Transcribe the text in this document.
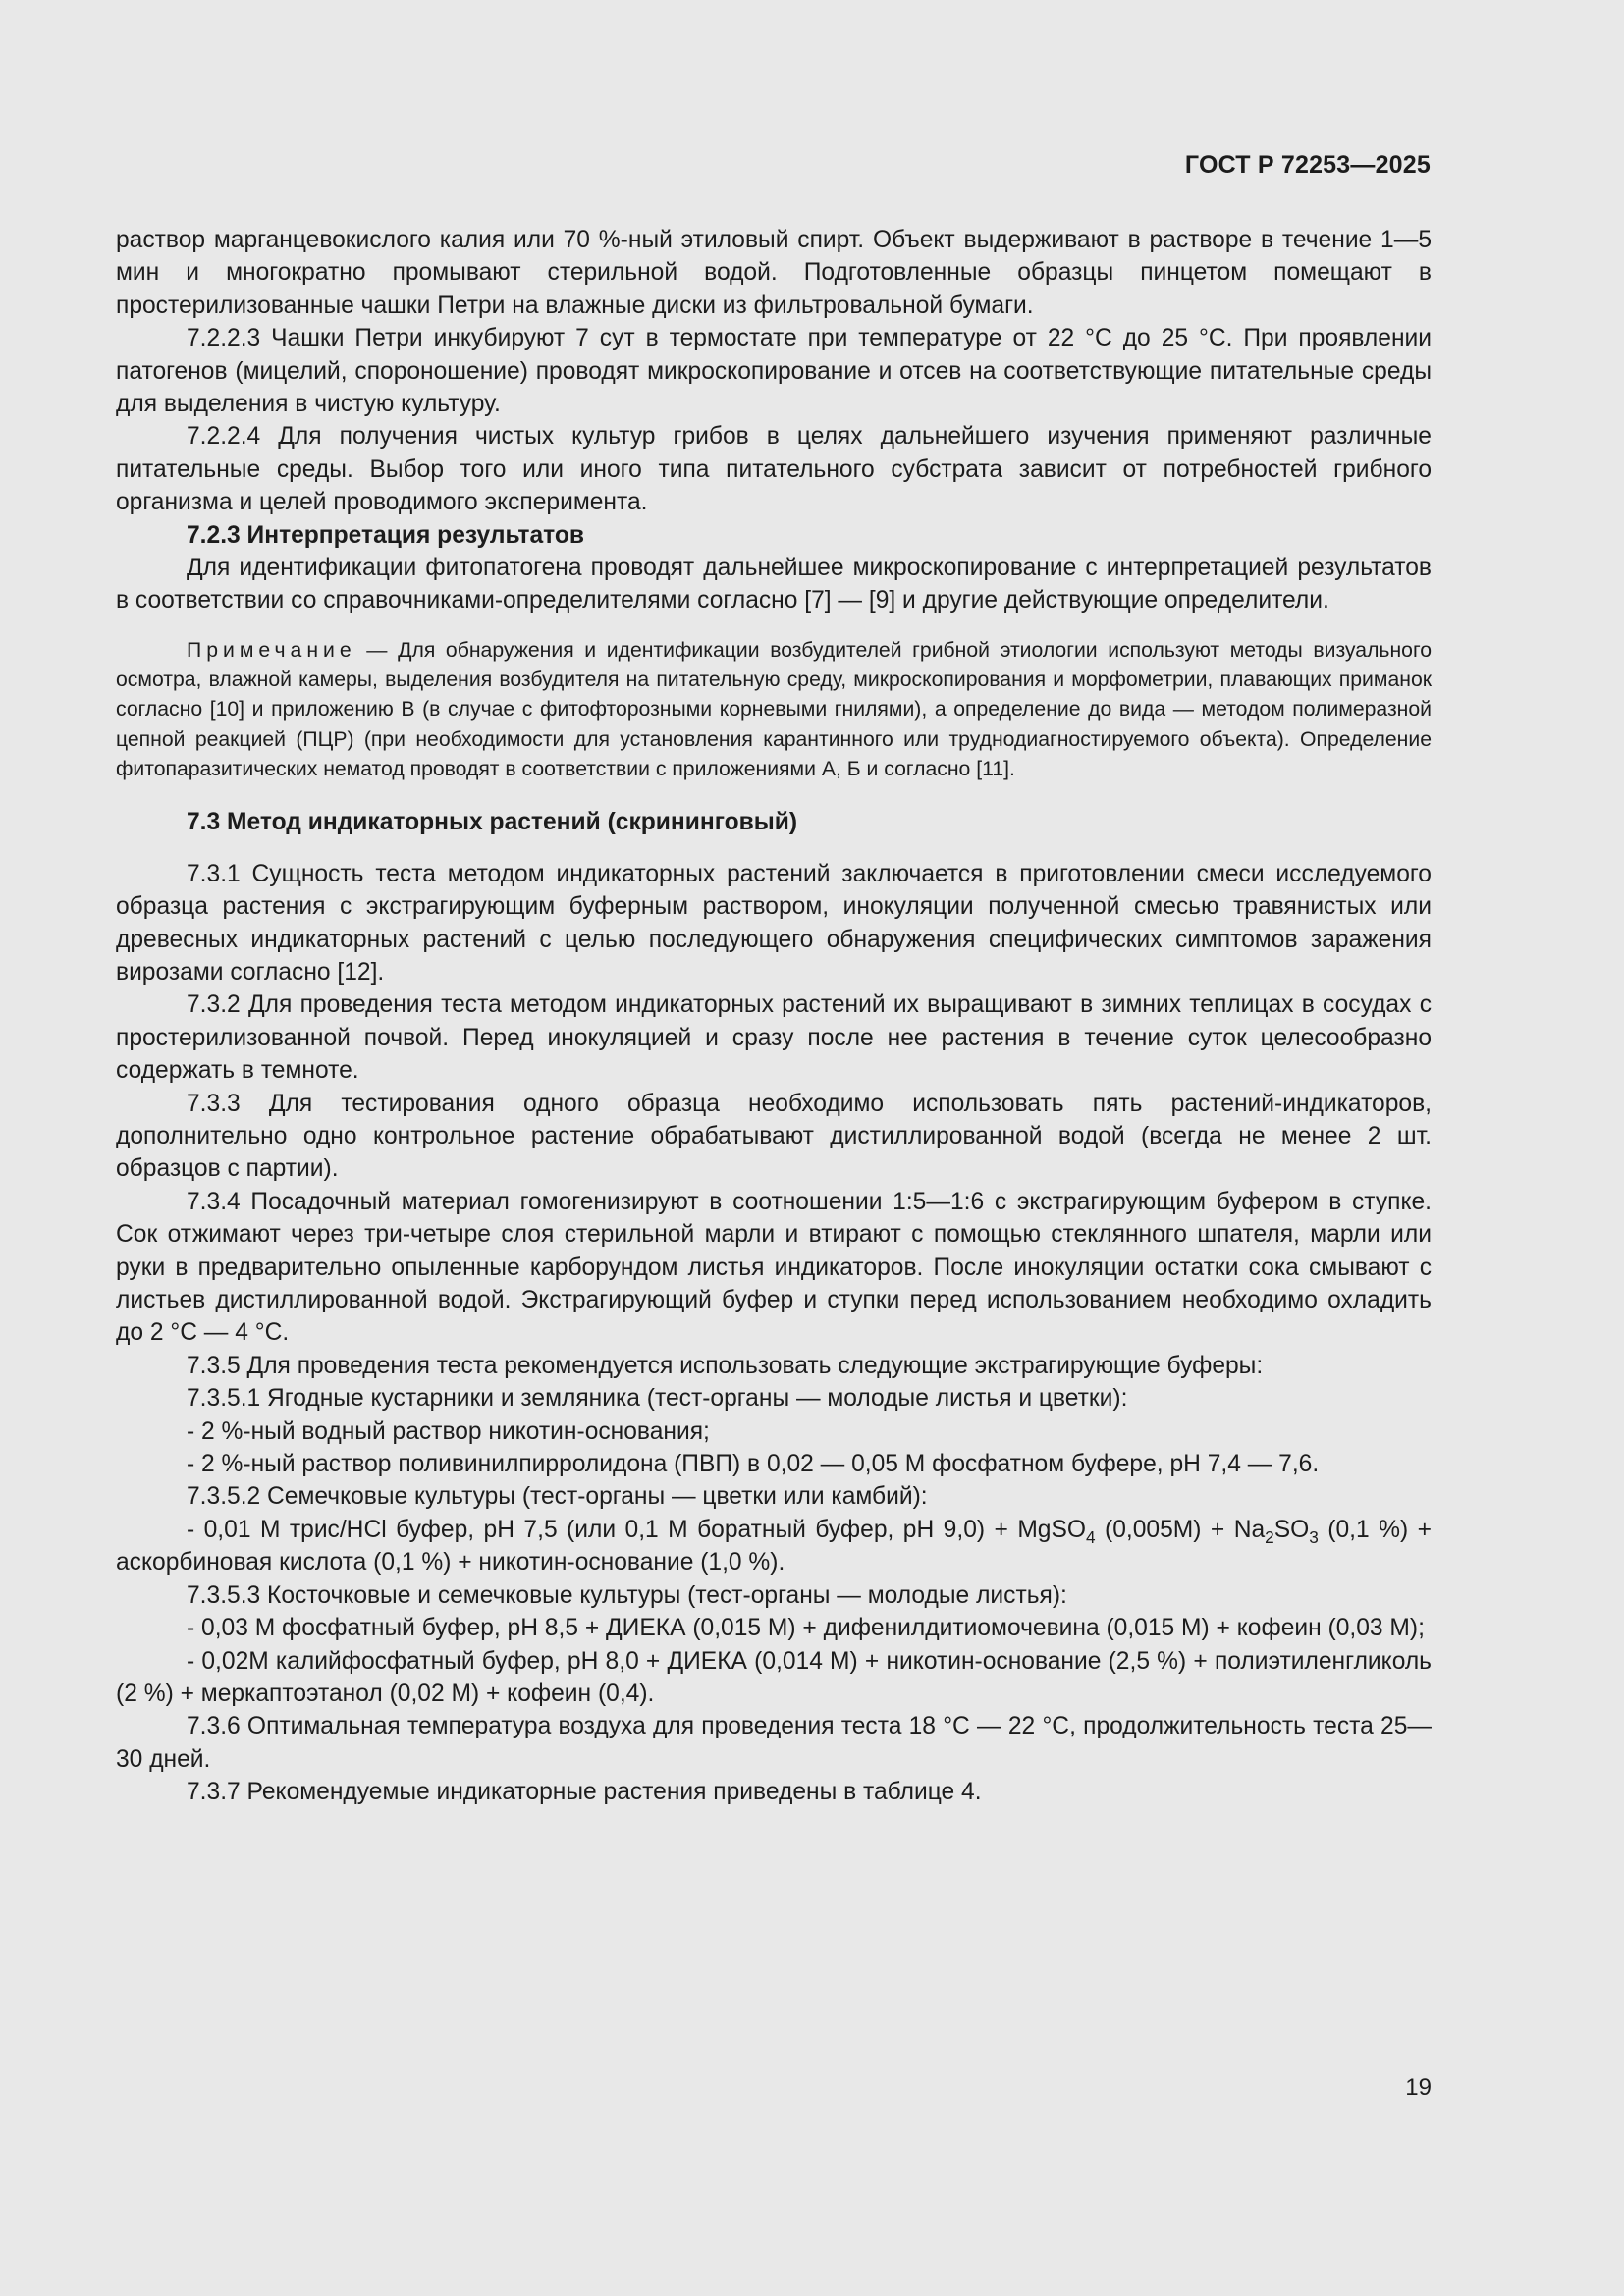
ГОСТ Р 72253—2025

раствор марганцевокислого калия или 70 %-ный этиловый спирт. Объект выдерживают в растворе в течение 1—5 мин и многократно промывают стерильной водой. Подготовленные образцы пинцетом помещают в простерилизованные чашки Петри на влажные диски из фильтровальной бумаги.

7.2.2.3 Чашки Петри инкубируют 7 сут в термостате при температуре от 22 °С до 25 °С. При проявлении патогенов (мицелий, спороношение) проводят микроскопирование и отсев на соответствующие питательные среды для выделения в чистую культуру.

7.2.2.4 Для получения чистых культур грибов в целях дальнейшего изучения применяют различные питательные среды. Выбор того или иного типа питательного субстрата зависит от потребностей грибного организма и целей проводимого эксперимента.

7.2.3 Интерпретация результатов

Для идентификации фитопатогена проводят дальнейшее микроскопирование с интерпретацией результатов в соответствии со справочниками-определителями согласно [7] — [9] и другие действующие определители.

Примечание — Для обнаружения и идентификации возбудителей грибной этиологии используют методы визуального осмотра, влажной камеры, выделения возбудителя на питательную среду, микроскопирования и морфометрии, плавающих приманок согласно [10] и приложению В (в случае с фитофторозными корневыми гнилями), а определение до вида — методом полимеразной цепной реакцией (ПЦР) (при необходимости для установления карантинного или труднодиагностируемого объекта). Определение фитопаразитических нематод проводят в соответствии с приложениями А, Б и согласно [11].

7.3 Метод индикаторных растений (скрининговый)

7.3.1 Сущность теста методом индикаторных растений заключается в приготовлении смеси исследуемого образца растения с экстрагирующим буферным раствором, инокуляции полученной смесью травянистых или древесных индикаторных растений с целью последующего обнаружения специфических симптомов заражения вирозами согласно [12].

7.3.2 Для проведения теста методом индикаторных растений их выращивают в зимних теплицах в сосудах с простерилизованной почвой. Перед инокуляцией и сразу после нее растения в течение суток целесообразно содержать в темноте.

7.3.3 Для тестирования одного образца необходимо использовать пять растений-индикаторов, дополнительно одно контрольное растение обрабатывают дистиллированной водой (всегда не менее 2 шт. образцов с партии).

7.3.4 Посадочный материал гомогенизируют в соотношении 1:5—1:6 с экстрагирующим буфером в ступке. Сок отжимают через три-четыре слоя стерильной марли и втирают с помощью стеклянного шпателя, марли или руки в предварительно опыленные карборундом листья индикаторов. После инокуляции остатки сока смывают с листьев дистиллированной водой. Экстрагирующий буфер и ступки перед использованием необходимо охладить до 2 °С — 4 °С.

7.3.5 Для проведения теста рекомендуется использовать следующие экстрагирующие буферы:

7.3.5.1 Ягодные кустарники и земляника (тест-органы — молодые листья и цветки):

- 2 %-ный водный раствор никотин-основания;

- 2 %-ный раствор поливинилпирролидона (ПВП) в 0,02 — 0,05 М фосфатном буфере, рН 7,4 — 7,6.

7.3.5.2 Семечковые культуры (тест-органы — цветки или камбий):

- 0,01 М трис/HCl буфер, рН 7,5 (или 0,1 М боратный буфер, рН 9,0) + MgSO$_4$ $(0,005М) + Na_2SO_3$ (0,1 %) + аскорбиновая кислота (0,1 %) + никотин-основание (1,0 %).

7.3.5.3 Косточковые и семечковые культуры (тест-органы — молодые листья):

- 0,03 М фосфатный буфер, рН 8,5 + ДИЕКА (0,015 М) + дифенилдитиомочевина (0,015 М) + кофеин (0,03 М);

- 0,02М калийфосфатный буфер, рН 8,0 + ДИЕКА (0,014 М) + никотин-основание (2,5 %) + полиэтиленгликоль (2 %) + меркаптоэтанол (0,02 М) + кофеин (0,4).

7.3.6 Оптимальная температура воздуха для проведения теста 18 °С — 22 °С, продолжительность теста 25—30 дней.

7.3.7 Рекомендуемые индикаторные растения приведены в таблице 4.

19
